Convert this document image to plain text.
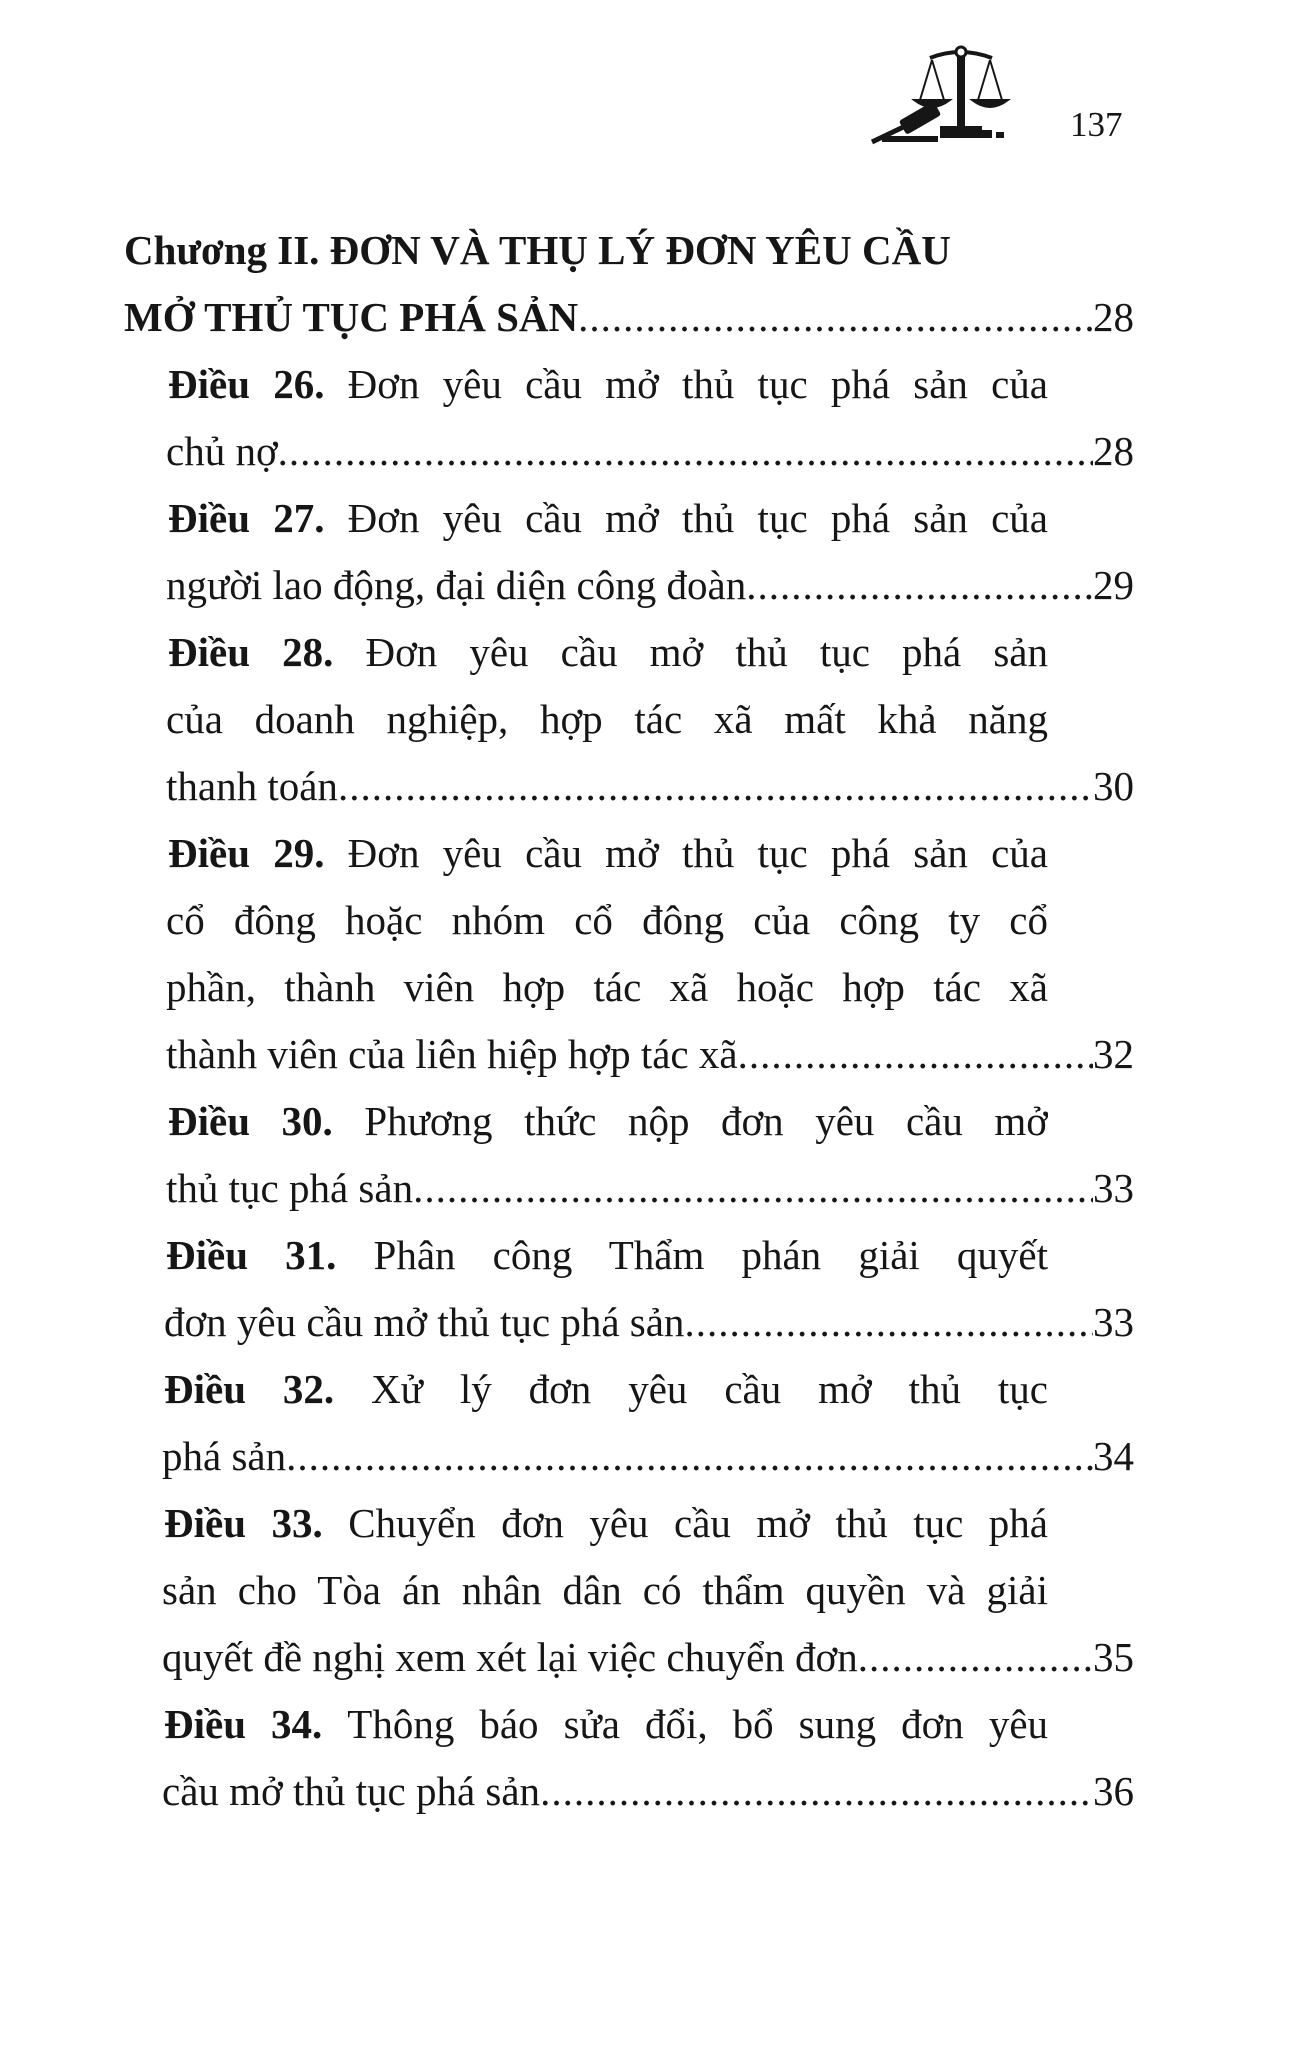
137
Chương II. ĐƠN VÀ THỤ LÝ ĐƠN YÊU CẦU
MỞ THỦ TỤC PHÁ SẢN .....	28
Điều 26. Đơn yêu cầu mở thủ tục phá sản của
chủ nợ .....	28
Điều 27. Đơn yêu cầu mở thủ tục phá sản của
người lao động, đại diện công đoàn .....	29
Điều 28. Đơn yêu cầu mở thủ tục phá sản
của doanh nghiệp, hợp tác xã mất khả năng
thanh toán .....	30
Điều 29. Đơn yêu cầu mở thủ tục phá sản của
cổ đông hoặc nhóm cổ đông của công ty cổ
phần, thành viên hợp tác xã hoặc hợp tác xã
thành viên của liên hiệp hợp tác xã .....	32
Điều 30. Phương thức nộp đơn yêu cầu mở
thủ tục phá sản .....	33
Điều 31. Phân công Thẩm phán giải quyết
đơn yêu cầu mở thủ tục phá sản .....	33
Điều 32. Xử lý đơn yêu cầu mở thủ tục
phá sản .....	34
Điều 33. Chuyển đơn yêu cầu mở thủ tục phá
sản cho Tòa án nhân dân có thẩm quyền và giải
quyết đề nghị xem xét lại việc chuyển đơn .....	35
Điều 34. Thông báo sửa đổi, bổ sung đơn yêu
cầu mở thủ tục phá sản .....	36
